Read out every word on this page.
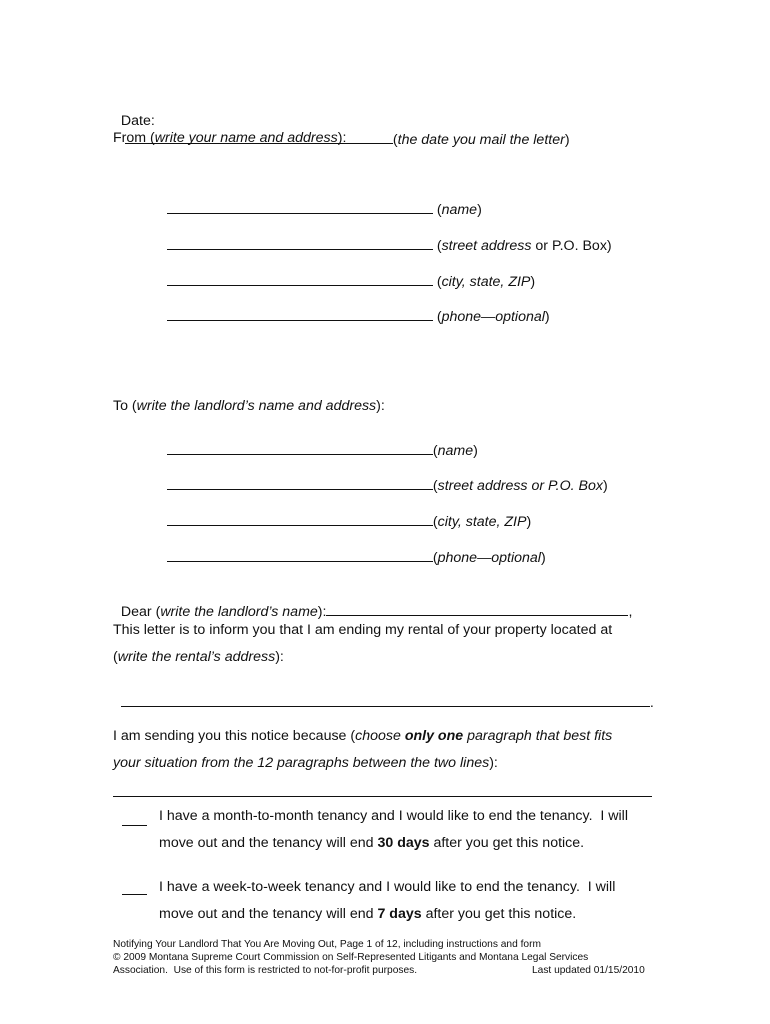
Date:
(the date you mail the letter)

From (write your name and address):

(name)

(street address or P.O. Box)

(city, state, ZIP)

(phone—optional)

To (write the landlord’s name and address):

(name)

(street address or P.O. Box)

(city, state, ZIP)

(phone—optional)

Dear (write the landlord’s name):	,

This letter is to inform you that I am ending my rental of your property located at
(write the rental’s address):

.

I am sending you this notice because (choose only one paragraph that best fits
your situation from the 12 paragraphs between the two lines):
I have a month-to-month tenancy and I would like to end the tenancy.  I will
move out and the tenancy will end 30 days after you get this notice.
I have a week-to-week tenancy and I would like to end the tenancy.  I will
move out and the tenancy will end 7 days after you get this notice.
Notifying Your Landlord That You Are Moving Out, Page 1 of 12, including instructions and form
© 2009 Montana Supreme Court Commission on Self-Represented Litigants and Montana Legal Services
Association.  Use of this form is restricted to not-for-profit purposes.	Last updated 01/15/2010
